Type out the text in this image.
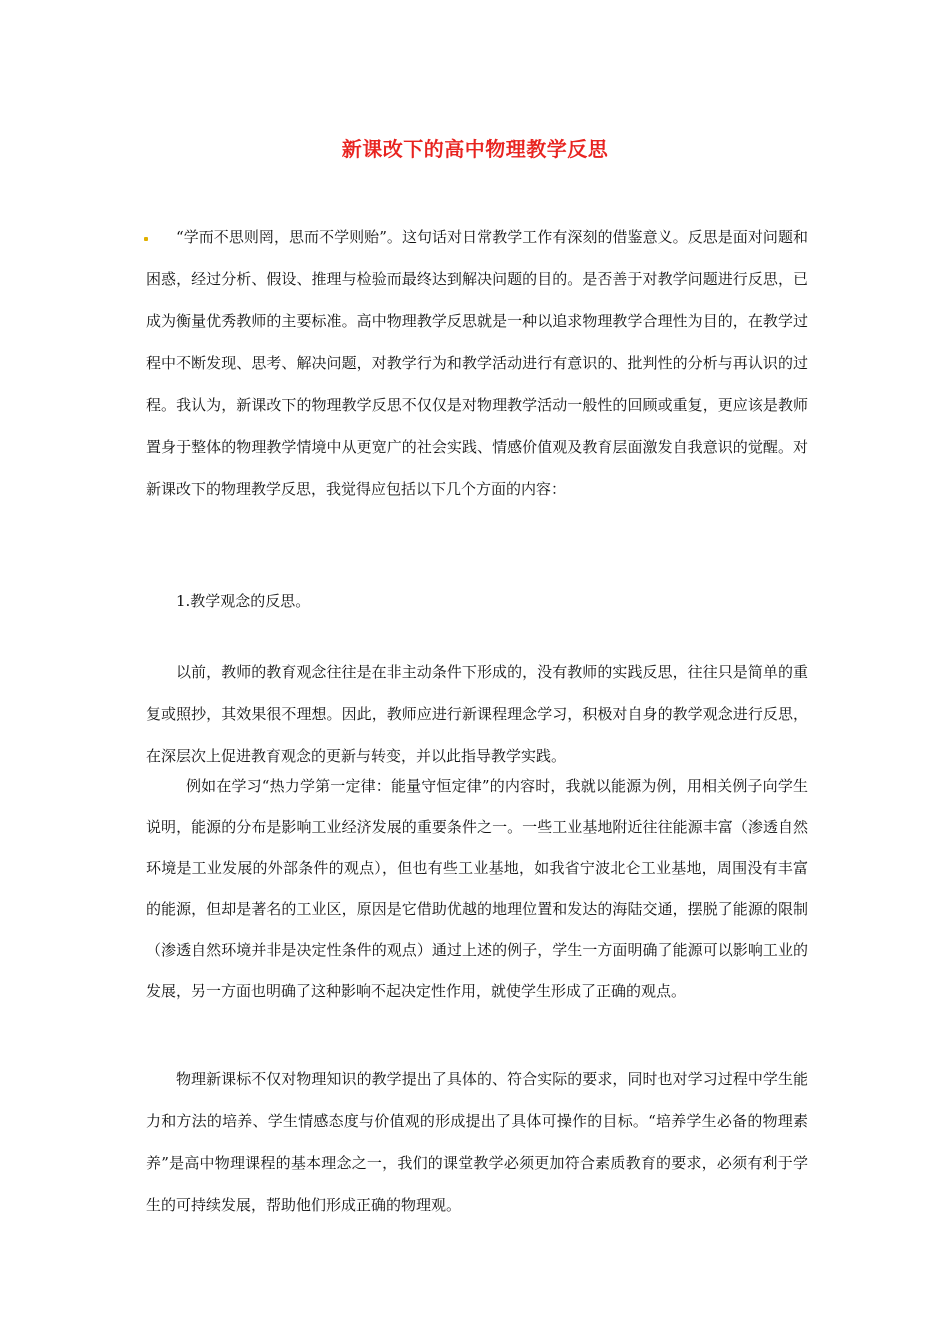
新课改下的高中物理教学反思

“学而不思则罔，思而不学则贻”。这句话对日常教学工作有深刻的借鉴意义。反思是面对问题和困惑，经过分析、假设、推理与检验而最终达到解决问题的目的。是否善于对教学问题进行反思，已成为衡量优秀教师的主要标准。高中物理教学反思就是一种以追求物理教学合理性为目的，在教学过程中不断发现、思考、解决问题，对教学行为和教学活动进行有意识的、批判性的分析与再认识的过程。我认为，新课改下的物理教学反思不仅仅是对物理教学活动一般性的回顾或重复，更应该是教师置身于整体的物理教学情境中从更宽广的社会实践、情感价值观及教育层面激发自我意识的觉醒。对新课改下的物理教学反思，我觉得应包括以下几个方面的内容：

1.教学观念的反思。

以前，教师的教育观念往往是在非主动条件下形成的，没有教师的实践反思，往往只是简单的重复或照抄，其效果很不理想。因此，教师应进行新课程理念学习，积极对自身的教学观念进行反思，在深层次上促进教育观念的更新与转变，并以此指导教学实践。

例如在学习“热力学第一定律：能量守恒定律”的内容时，我就以能源为例，用相关例子向学生说明，能源的分布是影响工业经济发展的重要条件之一。一些工业基地附近往往能源丰富（渗透自然环境是工业发展的外部条件的观点），但也有些工业基地，如我省宁波北仑工业基地，周围没有丰富的能源，但却是著名的工业区，原因是它借助优越的地理位置和发达的海陆交通，摆脱了能源的限制（渗透自然环境并非是决定性条件的观点）通过上述的例子，学生一方面明确了能源可以影响工业的发展，另一方面也明确了这种影响不起决定性作用，就使学生形成了正确的观点。

物理新课标不仅对物理知识的教学提出了具体的、符合实际的要求，同时也对学习过程中学生能力和方法的培养、学生情感态度与价值观的形成提出了具体可操作的目标。“培养学生必备的物理素养”是高中物理课程的基本理念之一，我们的课堂教学必须更加符合素质教育的要求，必须有利于学生的可持续发展，帮助他们形成正确的物理观。
